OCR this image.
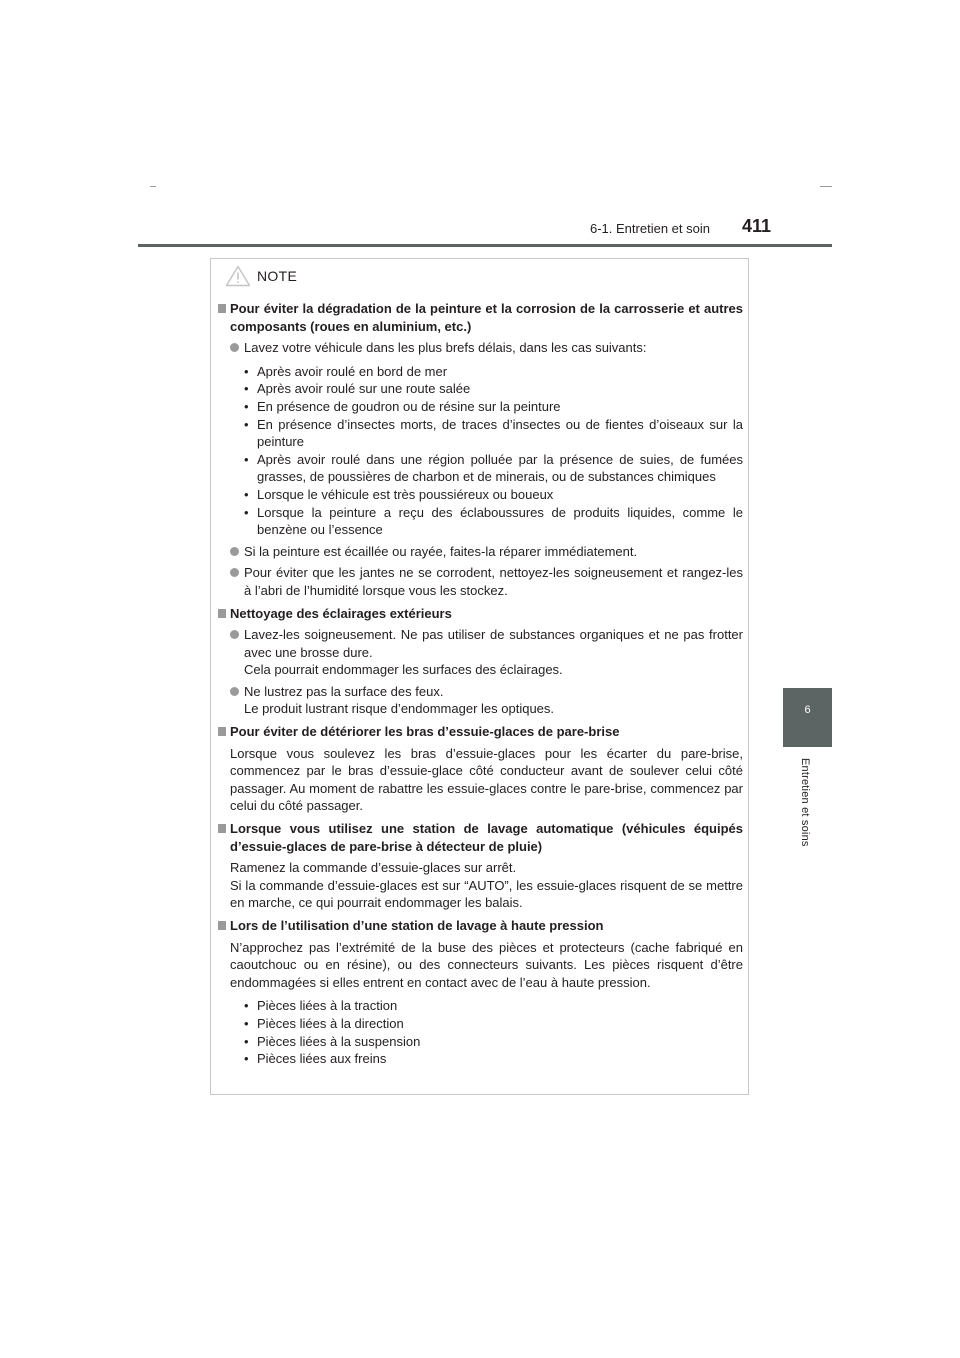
6-1. Entretien et soin 411
6
Entretien et soins
NOTE
Pour éviter la dégradation de la peinture et la corrosion de la carrosserie et autres composants (roues en aluminium, etc.)
Lavez votre véhicule dans les plus brefs délais, dans les cas suivants:
• Après avoir roulé en bord de mer
• Après avoir roulé sur une route salée
• En présence de goudron ou de résine sur la peinture
• En présence d’insectes morts, de traces d’insectes ou de fientes d’oiseaux sur la peinture
• Après avoir roulé dans une région polluée par la présence de suies, de fumées grasses, de poussières de charbon et de minerais, ou de substances chimiques
• Lorsque le véhicule est très poussiéreux ou boueux
• Lorsque la peinture a reçu des éclaboussures de produits liquides, comme le benzène ou l’essence
Si la peinture est écaillée ou rayée, faites-la réparer immédiatement.
Pour éviter que les jantes ne se corrodent, nettoyez-les soigneusement et rangez-les à l’abri de l’humidité lorsque vous les stockez.
Nettoyage des éclairages extérieurs
Lavez-les soigneusement. Ne pas utiliser de substances organiques et ne pas frotter avec une brosse dure.
Cela pourrait endommager les surfaces des éclairages.
Ne lustrez pas la surface des feux.
Le produit lustrant risque d’endommager les optiques.
Pour éviter de détériorer les bras d’essuie-glaces de pare-brise
Lorsque vous soulevez les bras d’essuie-glaces pour les écarter du pare-brise, commencez par le bras d’essuie-glace côté conducteur avant de soulever celui côté passager. Au moment de rabattre les essuie-glaces contre le pare-brise, commencez par celui du côté passager.
Lorsque vous utilisez une station de lavage automatique (véhicules équipés d’essuie-glaces de pare-brise à détecteur de pluie)
Ramenez la commande d’essuie-glaces sur arrêt.
Si la commande d’essuie-glaces est sur “AUTO”, les essuie-glaces risquent de se mettre en marche, ce qui pourrait endommager les balais.
Lors de l’utilisation d’une station de lavage à haute pression
N’approchez pas l’extrémité de la buse des pièces et protecteurs (cache fabriqué en caoutchouc ou en résine), ou des connecteurs suivants. Les pièces risquent d’être endommagées si elles entrent en contact avec de l’eau à haute pression.
• Pièces liées à la traction
• Pièces liées à la direction
• Pièces liées à la suspension
• Pièces liées aux freins
